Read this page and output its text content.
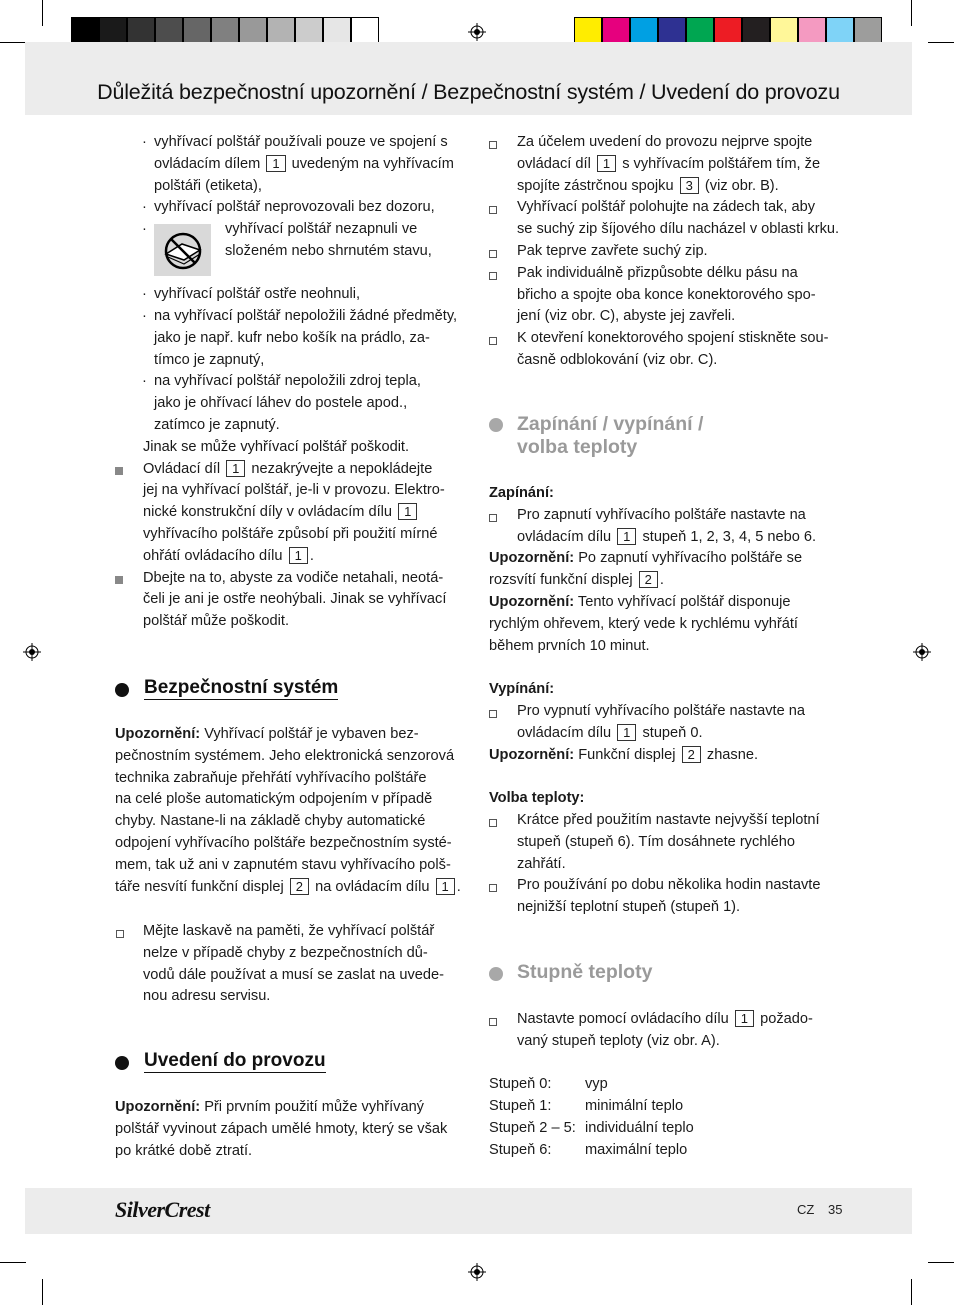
Důležitá bezpečnostní upozornění / Bezpečnostní systém / Uvedení do provozu
· vyhřívací polštář používali pouze ve spojení s

ovládacím dílem 1 uvedeným na vyhřívacím

polštáři (etiketa),

· vyhřívací polštář neprovozovali bez dozoru,

·	vyhřívací polštář nezapnuli ve

složeném nebo shrnutém stavu,

· vyhřívací polštář ostře neohnuli,

· na vyhřívací polštář nepoložili žádné předměty,

jako je např. kufr nebo košík na prádlo, za-

tímco je zapnutý,

· na vyhřívací polštář nepoložili zdroj tepla,

jako je ohřívací láhev do postele apod.,

zatímco je zapnutý.

Jinak se může vyhřívací polštář poškodit.

Ovládací díl 1 nezakrývejte a nepokládejte

jej na vyhřívací polštář, je-li v provozu. Elektro-

nické konstrukční díly v ovládacím dílu 1

vyhřívacího polštáře způsobí při použití mírné

ohřátí ovládacího dílu 1 .

Dbejte na to, abyste za vodiče netahali, neotá-

čeli je ani je ostře neohýbali. Jinak se vyhřívací

polštář může poškodit.

Bezpečnostní systém

Upozornění: Vyhřívací polštář je vybaven bez-

pečnostním systémem. Jeho elektronická senzorová

technika zabraňuje přehřátí vyhřívacího polštáře

na celé ploše automatickým odpojením v případě

chyby. Nastane-li na základě chyby automatické

odpojení vyhřívacího polštáře bezpečnostním systé-

mem, tak už ani v zapnutém stavu vyhřívacího polš-

táře nesvítí funkční displej 2 na ovládacím dílu 1 .

Mějte laskavě na paměti, že vyhřívací polštář

nelze v případě chyby z bezpečnostních dů-

vodů dále používat a musí se zaslat na uvede-

nou adresu servisu.

Uvedení do provozu

Upozornění: Při prvním použití může vyhřívaný

polštář vyvinout zápach umělé hmoty, který se však

po krátké době ztratí.

Za účelem uvedení do provozu nejprve spojte

ovládací díl 1 s vyhřívacím polštářem tím, že

spojíte zástrčnou spojku 3 (viz obr. B).

Vyhřívací polštář polohujte na zádech tak, aby

se suchý zip šíjového dílu nacházel v oblasti krku.

Pak teprve zavřete suchý zip.

Pak individuálně přizpůsobte délku pásu na

břicho a spojte oba konce konektorového spo-

jení (viz obr. C), abyste jej zavřeli.

K otevření konektorového spojení stiskněte sou-

časně odblokování (viz obr. C).

Zapínání / vypínání /
volba teploty

Zapínání:

Pro zapnutí vyhřívacího polštáře nastavte na

ovládacím dílu 1 stupeň 1, 2, 3, 4, 5 nebo 6.

Upozornění: Po zapnutí vyhřívacího polštáře se

rozsvítí funkční displej 2 .

Upozornění: Tento vyhřívací polštář disponuje

rychlým ohřevem, který vede k rychlému vyhřátí

během prvních 10 minut.

Vypínání:

Pro vypnutí vyhřívacího polštáře nastavte na

ovládacím dílu 1 stupeň 0.

Upozornění: Funkční displej 2 zhasne.

Volba teploty:

Krátce před použitím nastavte nejvyšší teplotní

stupeň (stupeň 6). Tím dosáhnete rychlého

zahřátí.

Pro používání po dobu několika hodin nastavte

nejnižší teplotní stupeň (stupeň 1).

Stupně teploty

Nastavte pomocí ovládacího dílu 1 požado-

vaný stupeň teploty (viz obr. A).

Stupeň 0:	vyp
Stupeň 1:	minimální teplo
Stupeň 2 – 5: individuální teplo
Stupeň 6:	maximální teplo
SilverCrest	CZ 35
